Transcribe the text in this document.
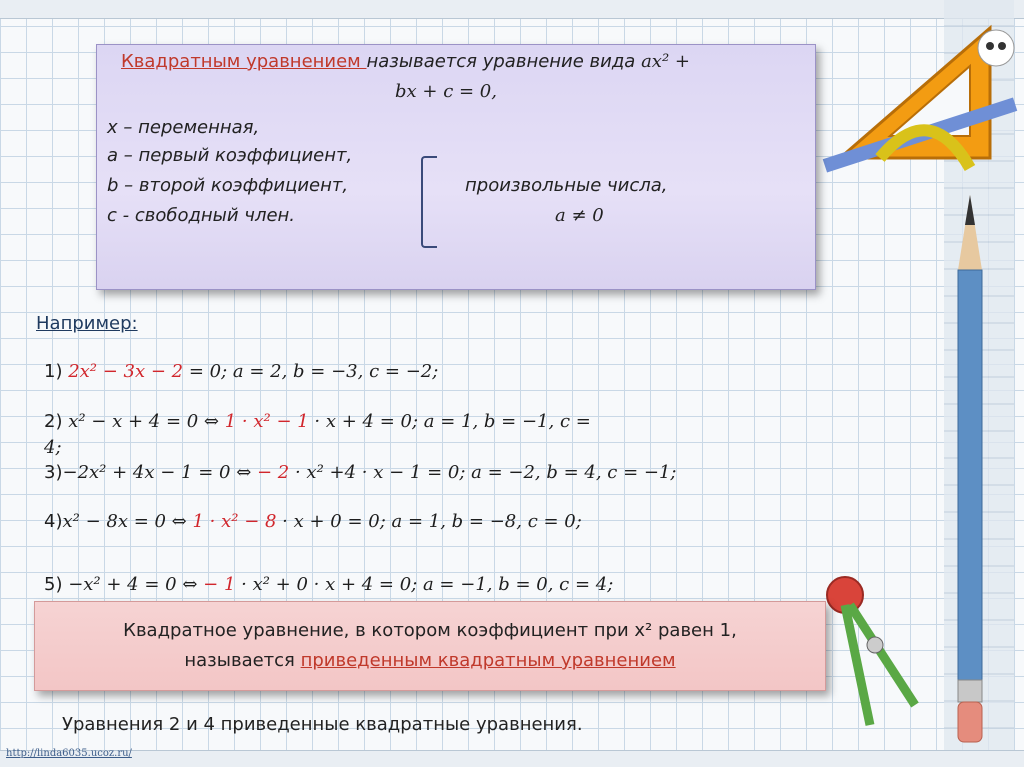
Квадратным уравнением называется уравнение вида ax² +
bx + c = 0,
x – переменная,
a – первый коэффициент,
b – второй коэффициент,
с - свободный член.
произвольные числа,
a ≠ 0
Например:
1) 2x² − 3x − 2 = 0; a = 2, b = −3, c = −2;
2) x² − x + 4 = 0 ⇔ 1 · x² − 1 · x + 4 = 0; a = 1, b = −1, c =
4;
3)−2x² + 4x − 1 = 0 ⇔ − 2 · x² +4 · x − 1 = 0; a = −2, b = 4, c = −1;
4)x² − 8x = 0 ⇔ 1 · x² − 8 · x + 0 = 0; a = 1, b = −8, c = 0;
5) −x² + 4 = 0 ⇔ − 1 · x² + 0 · x + 4 = 0; a = −1, b = 0, c = 4;
Квадратное уравнение, в котором коэффициент при x² равен 1,
называется приведенным квадратным уравнением
Уравнения 2 и 4 приведенные квадратные уравнения.
http://linda6035.ucoz.ru/
